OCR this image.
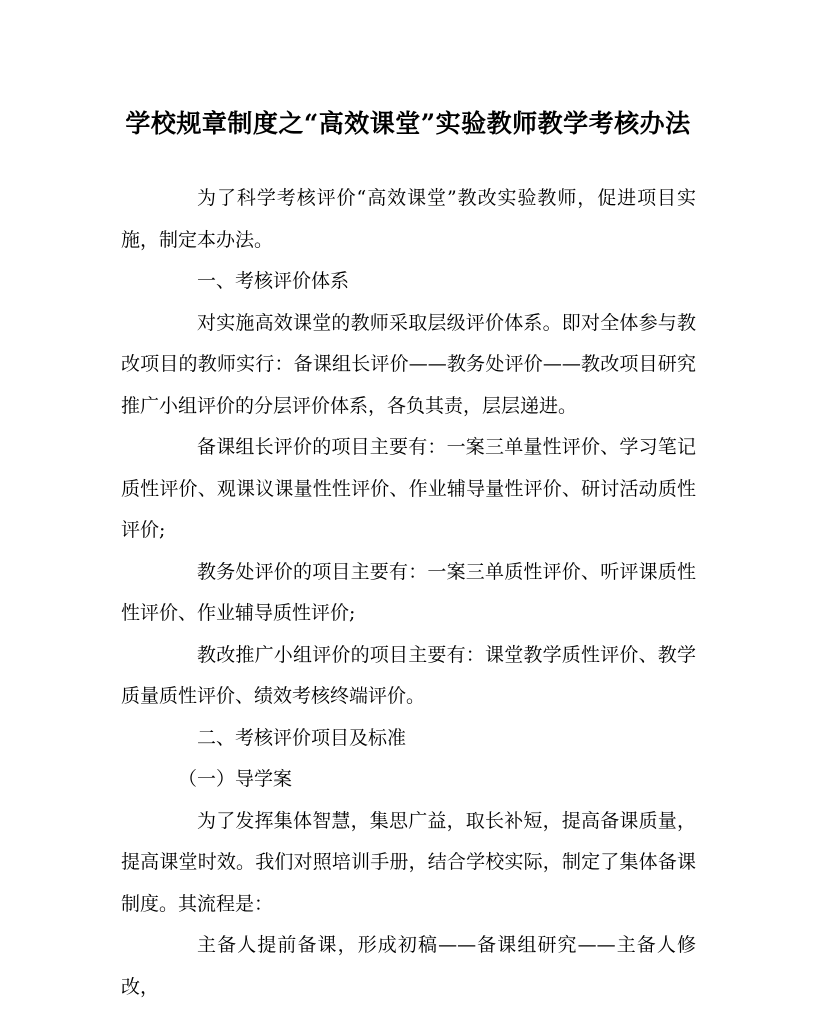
学校规章制度之“高效课堂”实验教师教学考核办法

为了科学考核评价“高效课堂”教改实验教师，促进项目实施，制定本办法。

一、考核评价体系

对实施高效课堂的教师采取层级评价体系。即对全体参与教改项目的教师实行：备课组长评价——教务处评价——教改项目研究推广小组评价的分层评价体系，各负其责，层层递进。

备课组长评价的项目主要有：一案三单量性评价、学习笔记质性评价、观课议课量性性评价、作业辅导量性评价、研讨活动质性评价;

教务处评价的项目主要有：一案三单质性评价、听评课质性性评价、作业辅导质性评价;

教改推广小组评价的项目主要有：课堂教学质性评价、教学质量质性评价、绩效考核终端评价。

二、考核评价项目及标准

（一）导学案

为了发挥集体智慧，集思广益，取长补短，提高备课质量，提高课堂时效。我们对照培训手册，结合学校实际，制定了集体备课制度。其流程是：

主备人提前备课，形成初稿——备课组研究——主备人修改，
